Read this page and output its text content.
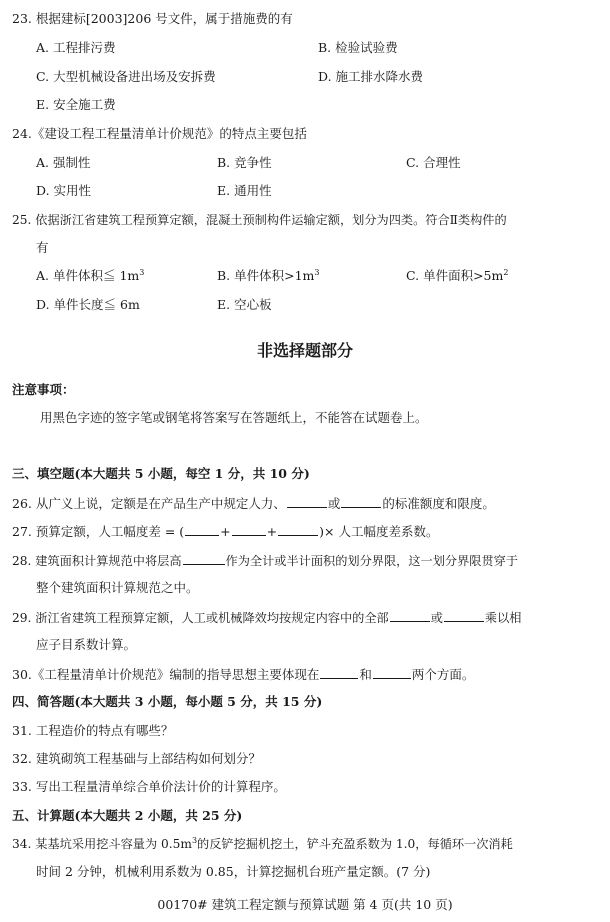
23. 根据建标[2003]206 号文件，属于措施费的有
A. 工程排污费	B. 检验试验费
C. 大型机械设备进出场及安拆费	D. 施工排水降水费
E. 安全施工费
24.《建设工程工程量清单计价规范》的特点主要包括
A. 强制性	B. 竞争性	C. 合理性
D. 实用性	E. 通用性
25. 依据浙江省建筑工程预算定额，混凝土预制构件运输定额，划分为四类。符合Ⅱ类构件的
有
A. 单件体积≦ $1m^3$	B. 单件体积$>1m^3$	C. 单件面积$>5m^2$
D. 单件长度≦ 6m	E. 空心板
非选择题部分
注意事项：
用黑色字迹的签字笔或钢笔将答案写在答题纸上，不能答在试题卷上。
三、填空题(本大题共 5 小题，每空 1 分，共 10 分)
26. 从广义上说，定额是在产品生产中规定人力、	或	的标准额度和限度。
27. 预算定额，人工幅度差 = (	+	+	)× 人工幅度差系数。
28. 建筑面积计算规范中将层高	作为全计或半计面积的划分界限，这一划分界限贯穿于
整个建筑面积计算规范之中。
29. 浙江省建筑工程预算定额，人工或机械降效均按规定内容中的全部	或	乘以相
应子目系数计算。
30.《工程量清单计价规范》编制的指导思想主要体现在	和	两个方面。
四、简答题(本大题共 3 小题，每小题 5 分，共 15 分)
31. 工程造价的特点有哪些？
32. 建筑砌筑工程基础与上部结构如何划分？
33. 写出工程量清单综合单价法计价的计算程序。
五、计算题(本大题共 2 小题，共 25 分)
34. 某基坑采用挖斗容量为 $0.5m^3$的反铲挖掘机挖土，铲斗充盈系数为 1.0，每循环一次消耗
时间 2 分钟，机械利用系数为 0.85，计算挖掘机台班产量定额。(7 分)
00170# 建筑工程定额与预算试题 第 4 页(共 10 页)
